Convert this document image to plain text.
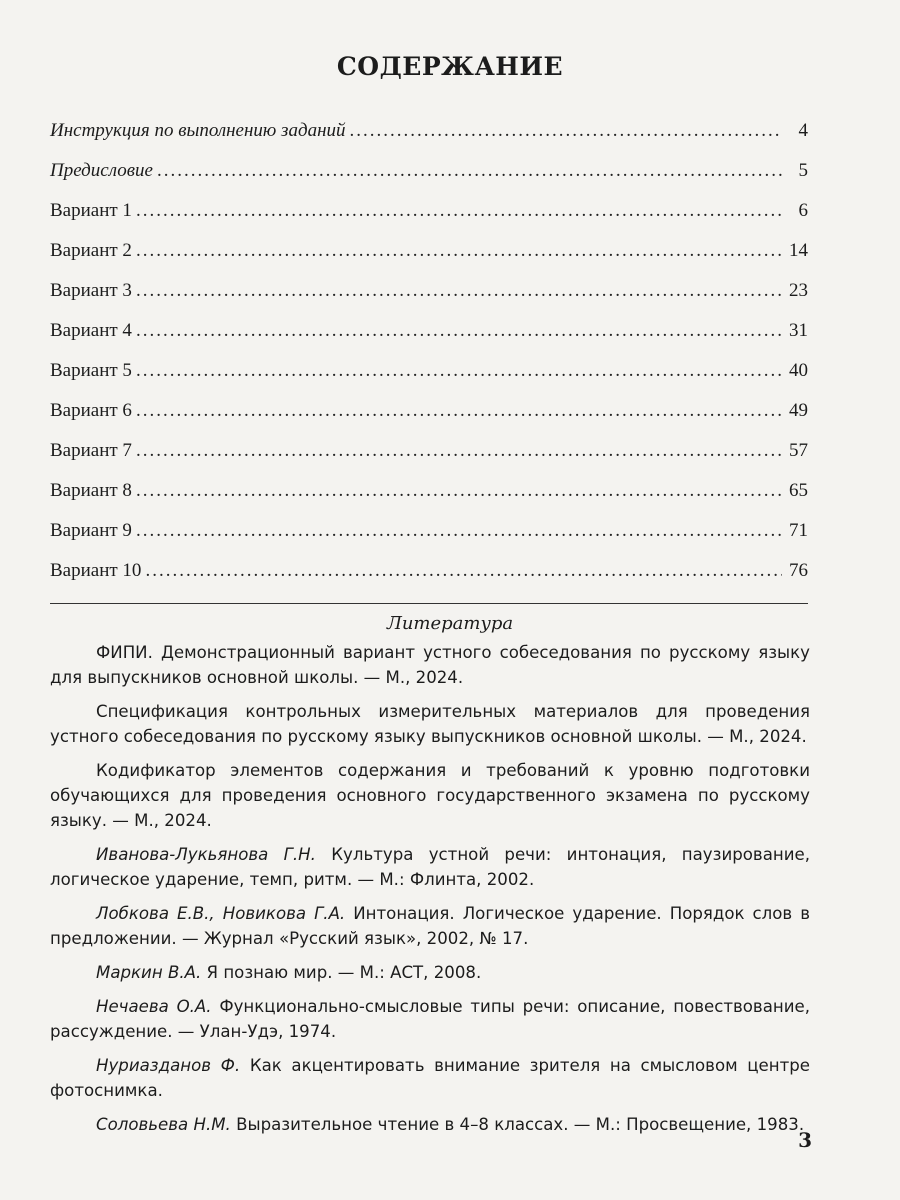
СОДЕРЖАНИЕ
Инструкция по выполнению заданий .....	4
Предисловие .....	5
Вариант 1 .....	6
Вариант 2 .....	14
Вариант 3 .....	23
Вариант 4 .....	31
Вариант 5 .....	40
Вариант 6 .....	49
Вариант 7 .....	57
Вариант 8 .....	65
Вариант 9 .....	71
Вариант 10 .....	76
Литература

ФИПИ. Демонстрационный вариант устного собеседования по русскому языку для выпускников основной школы. — М., 2024.

Спецификация контрольных измерительных материалов для проведения устного собеседования по русскому языку выпускников основной школы. — М., 2024.

Кодификатор элементов содержания и требований к уровню подготовки обучающихся для проведения основного государственного экзамена по русскому языку. — М., 2024.

Иванова-Лукьянова Г.Н. Культура устной речи: интонация, паузирование, логическое ударение, темп, ритм. — М.: Флинта, 2002.

Лобкова Е.В., Новикова Г.А. Интонация. Логическое ударение. Порядок слов в предложении. — Журнал «Русский язык», 2002, № 17.

Маркин В.А. Я познаю мир. — М.: АСТ, 2008.

Нечаева О.А. Функционально-смысловые типы речи: описание, повествование, рассуждение. — Улан-Удэ, 1974.

Нуриазданов Ф. Как акцентировать внимание зрителя на смысловом центре фотоснимка.

Соловьева Н.М. Выразительное чтение в 4–8 классах. — М.: Просвещение, 1983.

3
